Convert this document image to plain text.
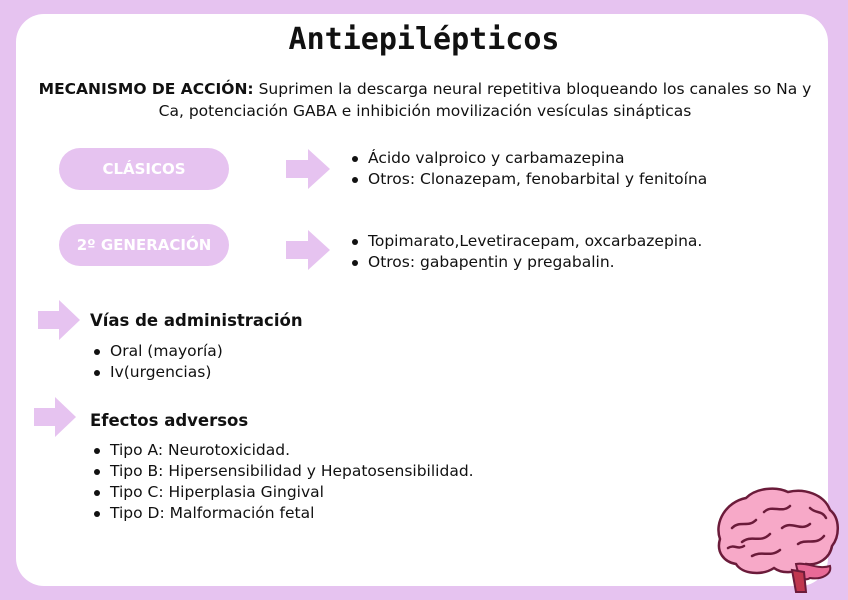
Antiepilépticos
MECANISMO DE ACCIÓN: Suprimen la descarga neural repetitiva bloqueando los canales so Na y Ca, potenciación GABA e inhibición movilización vesículas sinápticas
CLÁSICOS
Ácido valproico y carbamazepina
Otros: Clonazepam, fenobarbital y fenitoína
2º GENERACIÓN	Topimarato,Levetiracepam, oxcarbazepina.
Otros: gabapentin y pregabalin.
Vías de administración
Oral (mayoría)
Iv(urgencias)
Efectos adversos
Tipo A: Neurotoxicidad.
Tipo B: Hipersensibilidad y Hepatosensibilidad.
Tipo C: Hiperplasia Gingival
Tipo D: Malformación fetal
